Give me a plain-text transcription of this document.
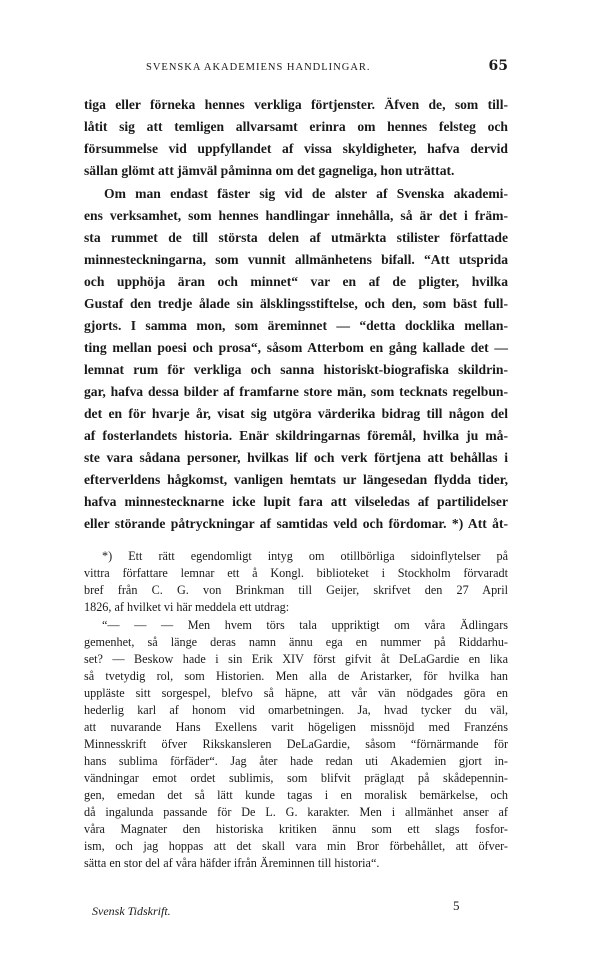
SVENSKA AKADEMIENS HANDLINGAR.	65
tiga eller förneka hennes verkliga förtjenster. Äfven de, som till-
låtit sig att temligen allvarsamt erinra om hennes felsteg och
försummelse vid uppfyllandet af vissa skyldigheter, hafva dervid
sällan glömt att jämväl påminna om det gagneliga, hon uträttat.
Om man endast fäster sig vid de alster af Svenska akademi-
ens verksamhet, som hennes handlingar innehålla, så är det i främ-
sta rummet de till största delen af utmärkta stilister författade
minnesteckningarna, som vunnit allmänhetens bifall. “Att utsprida
och upphöja äran och minnet“ var en af de pligter, hvilka
Gustaf den tredje ålade sin älsklingsstiftelse, och den, som bäst full-
gjorts. I samma mon, som äreminnet — “detta docklika mellan-
ting mellan poesi och prosa“, såsom Atterbom en gång kallade det —
lemnat rum för verkliga och sanna historiskt-biografiska skildrin-
gar, hafva dessa bilder af framfarne store män, som tecknats regelbun-
det en för hvarje år, visat sig utgöra värderika bidrag till någon del
af fosterlandets historia. Enär skildringarnas föremål, hvilka ju må-
ste vara sådana personer, hvilkas lif och verk förtjena att behållas i
efterverldens hågkomst, vanligen hemtats ur längesedan flydda tider,
hafva minnestecknarne icke lupit fara att vilseledas af partilidelser
eller störande påtryckningar af samtidas veld och fördomar. *) Att åt-
*) Ett rätt egendomligt intyg om otillbörliga sidoinflytelser på
vittra författare lemnar ett å Kongl. biblioteket i Stockholm förvaradt
bref från C. G. von Brinkman till Geijer, skrifvet den 27 April
1826, af hvilket vi här meddela ett utdrag:
“— — — Men hvem törs tala uppriktigt om våra Ädlingars
gemenhet, så länge deras namn ännu ega en nummer på Riddarhu-
set? — Beskow hade i sin Erik XIV först gifvit åt DeLaGardie en lika
så tvetydig rol, som Historien. Men alla de Aristarker, för hvilka han
uppläste sitt sorgespel, blefvo så häpne, att vår vän nödgades göra en
hederlig karl af honom vid omarbetningen. Ja, hvad tycker du väl,
att nuvarande Hans Exellens varit högeligen missnöjd med Franzéns
Minnesskrift öfver Rikskansleren DeLaGardie, såsom “förnärmande för
hans sublima förfäder“. Jag åter hade redan uti Akademien gjort in-
vändningar emot ordet sublimis, som blifvit präglадt på skådepennin-
gen, emedan det så lätt kunde tagas i en moralisk bemärkelse, och
då ingalunda passande för De L. G. karakter. Men i allmänhet anser af
våra Magnater den historiska kritiken ännu som ett slags fosfor-
ism, och jag hoppas att det skall vara min Bror förbehållet, att öfver-
sätta en stor del af våra häfder ifrån Äreminnen till historia“.
Svensk Tidskrift.	5
